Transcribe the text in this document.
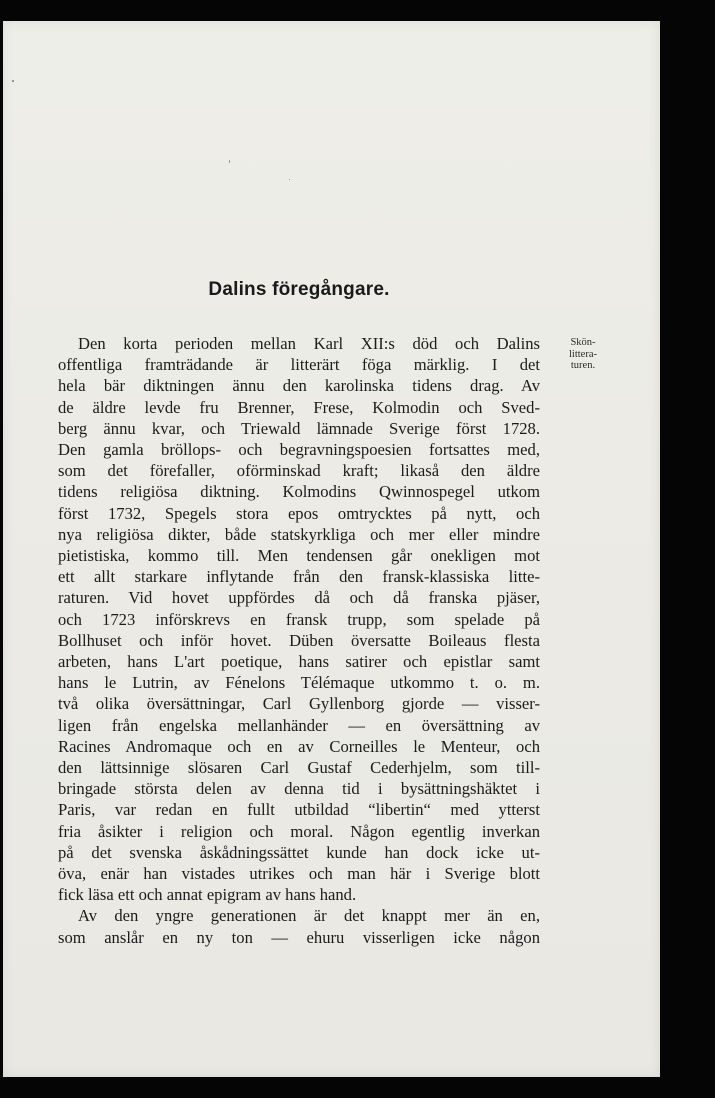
Dalins föregångare.
Skön-
littera-
turen.
Den korta perioden mellan Karl XII:s död och Dalins
offentliga framträdande är litterärt föga märklig. I det
hela bär diktningen ännu den karolinska tidens drag. Av
de äldre levde fru Brenner, Frese, Kolmodin och Sved-
berg ännu kvar, och Triewald lämnade Sverige först 1728.
Den gamla bröllops- och begravningspoesien fortsattes med,
som det förefaller, oförminskad kraft; likaså den äldre
tidens religiösa diktning. Kolmodins Qwinnospegel utkom
först 1732, Spegels stora epos omtrycktes på nytt, och
nya religiösa dikter, både statskyrkliga och mer eller mindre
pietistiska, kommo till. Men tendensen går onekligen mot
ett allt starkare inflytande från den fransk-klassiska litte-
raturen. Vid hovet uppfördes då och då franska pjäser,
och 1723 införskrevs en fransk trupp, som spelade på
Bollhuset och inför hovet. Düben översatte Boileaus flesta
arbeten, hans L'art poetique, hans satirer och epistlar samt
hans le Lutrin, av Fénelons Télémaque utkommo t. o. m.
två olika översättningar, Carl Gyllenborg gjorde — visser-
ligen från engelska mellanhänder — en översättning av
Racines Andromaque och en av Corneilles le Menteur, och
den lättsinnige slösaren Carl Gustaf Cederhjelm, som till-
bringade största delen av denna tid i bysättningshäktet i
Paris, var redan en fullt utbildad “libertin“ med ytterst
fria åsikter i religion och moral. Någon egentlig inverkan
på det svenska åskådningssättet kunde han dock icke ut-
öva, enär han vistades utrikes och man här i Sverige blott
fick läsa ett och annat epigram av hans hand.
Av den yngre generationen är det knappt mer än en,
som anslår en ny ton — ehuru visserligen icke någon
